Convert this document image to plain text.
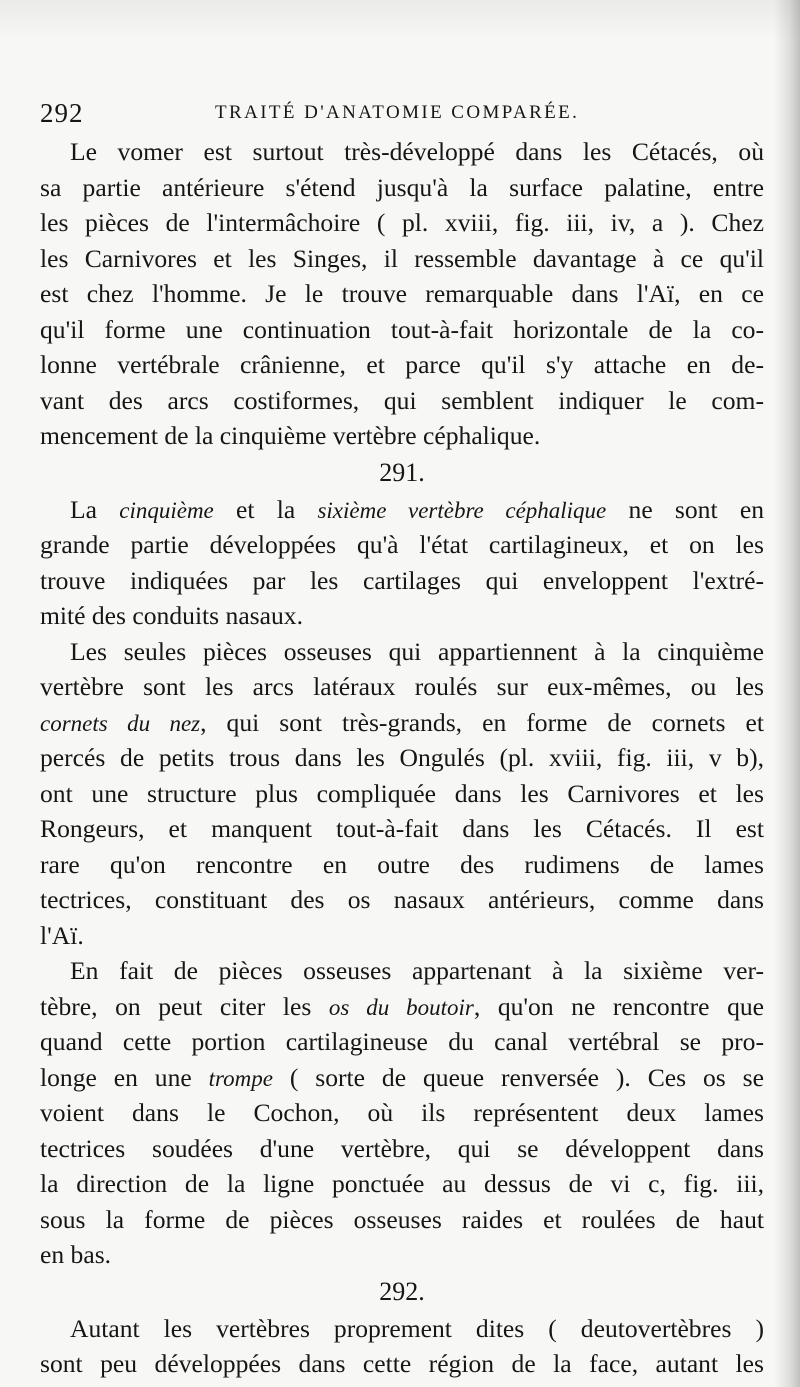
292	TRAITÉ D'ANATOMIE COMPARÉE.
Le vomer est surtout très-développé dans les Cétacés, où
sa partie antérieure s'étend jusqu'à la surface palatine, entre
les pièces de l'intermâchoire ( pl. xviii, fig. iii, iv, a ). Chez
les Carnivores et les Singes, il ressemble davantage à ce qu'il
est chez l'homme. Je le trouve remarquable dans l'Aï, en ce
qu'il forme une continuation tout-à-fait horizontale de la co-
lonne vertébrale crânienne, et parce qu'il s'y attache en de-
vant des arcs costiformes, qui semblent indiquer le com-
mencement de la cinquième vertèbre céphalique.
291.
La cinquième et la sixième vertèbre céphalique ne sont en
grande partie développées qu'à l'état cartilagineux, et on les
trouve indiquées par les cartilages qui enveloppent l'extré-
mité des conduits nasaux.
Les seules pièces osseuses qui appartiennent à la cinquième
vertèbre sont les arcs latéraux roulés sur eux-mêmes, ou les
cornets du nez, qui sont très-grands, en forme de cornets et
percés de petits trous dans les Ongulés (pl. xviii, fig. iii, v b),
ont une structure plus compliquée dans les Carnivores et les
Rongeurs, et manquent tout-à-fait dans les Cétacés. Il est
rare qu'on rencontre en outre des rudimens de lames
tectrices, constituant des os nasaux antérieurs, comme dans
l'Aï.
En fait de pièces osseuses appartenant à la sixième ver-
tèbre, on peut citer les os du boutoir, qu'on ne rencontre que
quand cette portion cartilagineuse du canal vertébral se pro-
longe en une trompe ( sorte de queue renversée ). Ces os se
voient dans le Cochon, où ils représentent deux lames
tectrices soudées d'une vertèbre, qui se développent dans
la direction de la ligne ponctuée au dessus de vi c, fig. iii,
sous la forme de pièces osseuses raides et roulées de haut
en bas.
292.
Autant les vertèbres proprement dites ( deutovertèbres )
sont peu développées dans cette région de la face, autant les
